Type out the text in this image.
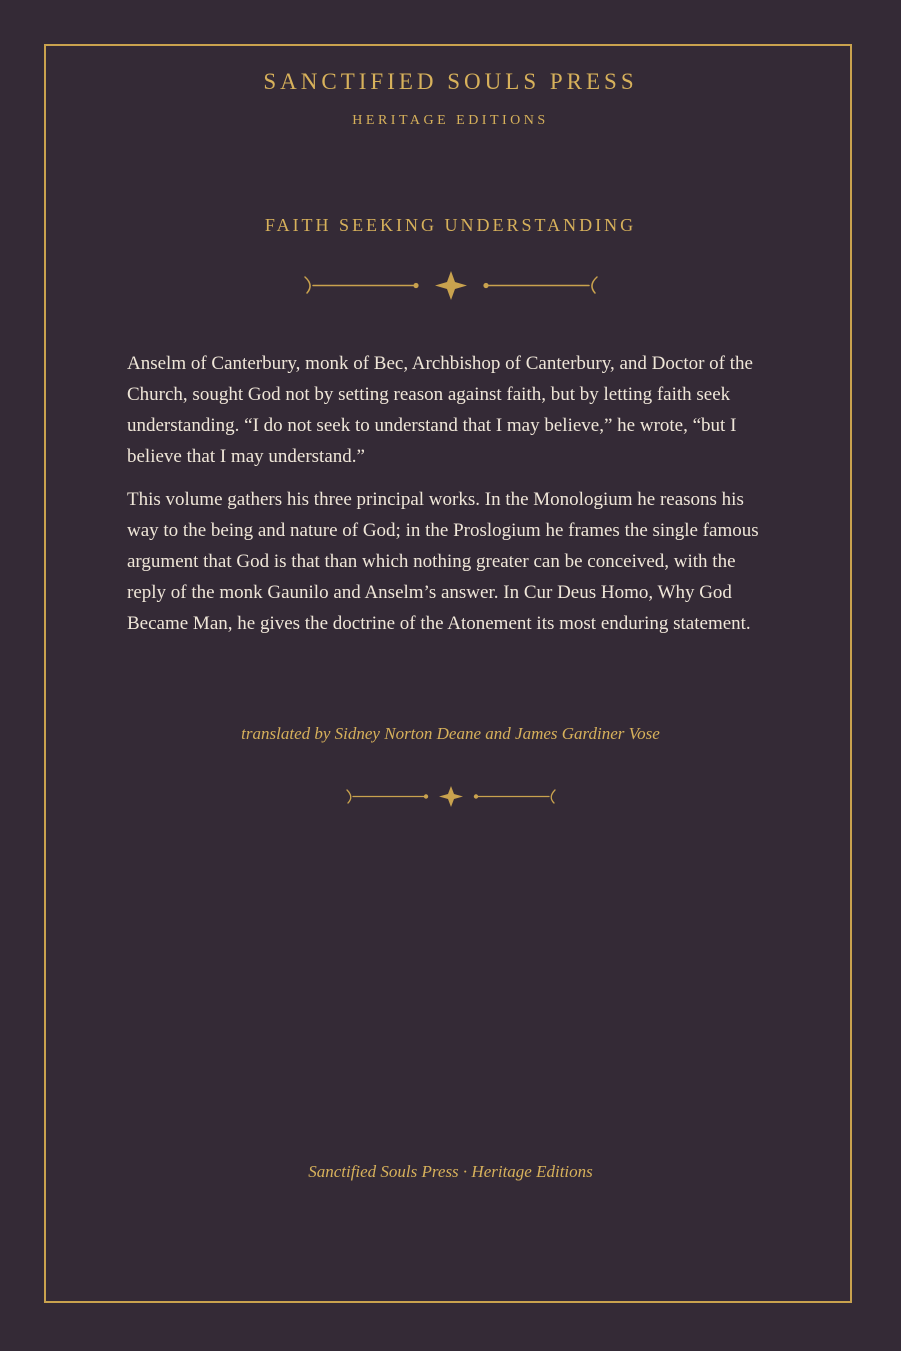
SANCTIFIED SOULS PRESS
HERITAGE EDITIONS
FAITH SEEKING UNDERSTANDING

Anselm of Canterbury, monk of Bec, Archbishop of Canterbury, and Doctor of the Church, sought God not by setting reason against faith, but by letting faith seek understanding. “I do not seek to understand that I may believe,” he wrote, “but I believe that I may understand.”

This volume gathers his three principal works. In the Monologium he reasons his way to the being and nature of God; in the Proslogium he frames the single famous argument that God is that than which nothing greater can be conceived, with the reply of the monk Gaunilo and Anselm’s answer. In Cur Deus Homo, Why God Became Man, he gives the doctrine of the Atonement its most enduring statement.

translated by Sidney Norton Deane and James Gardiner Vose
Sanctified Souls Press · Heritage Editions
